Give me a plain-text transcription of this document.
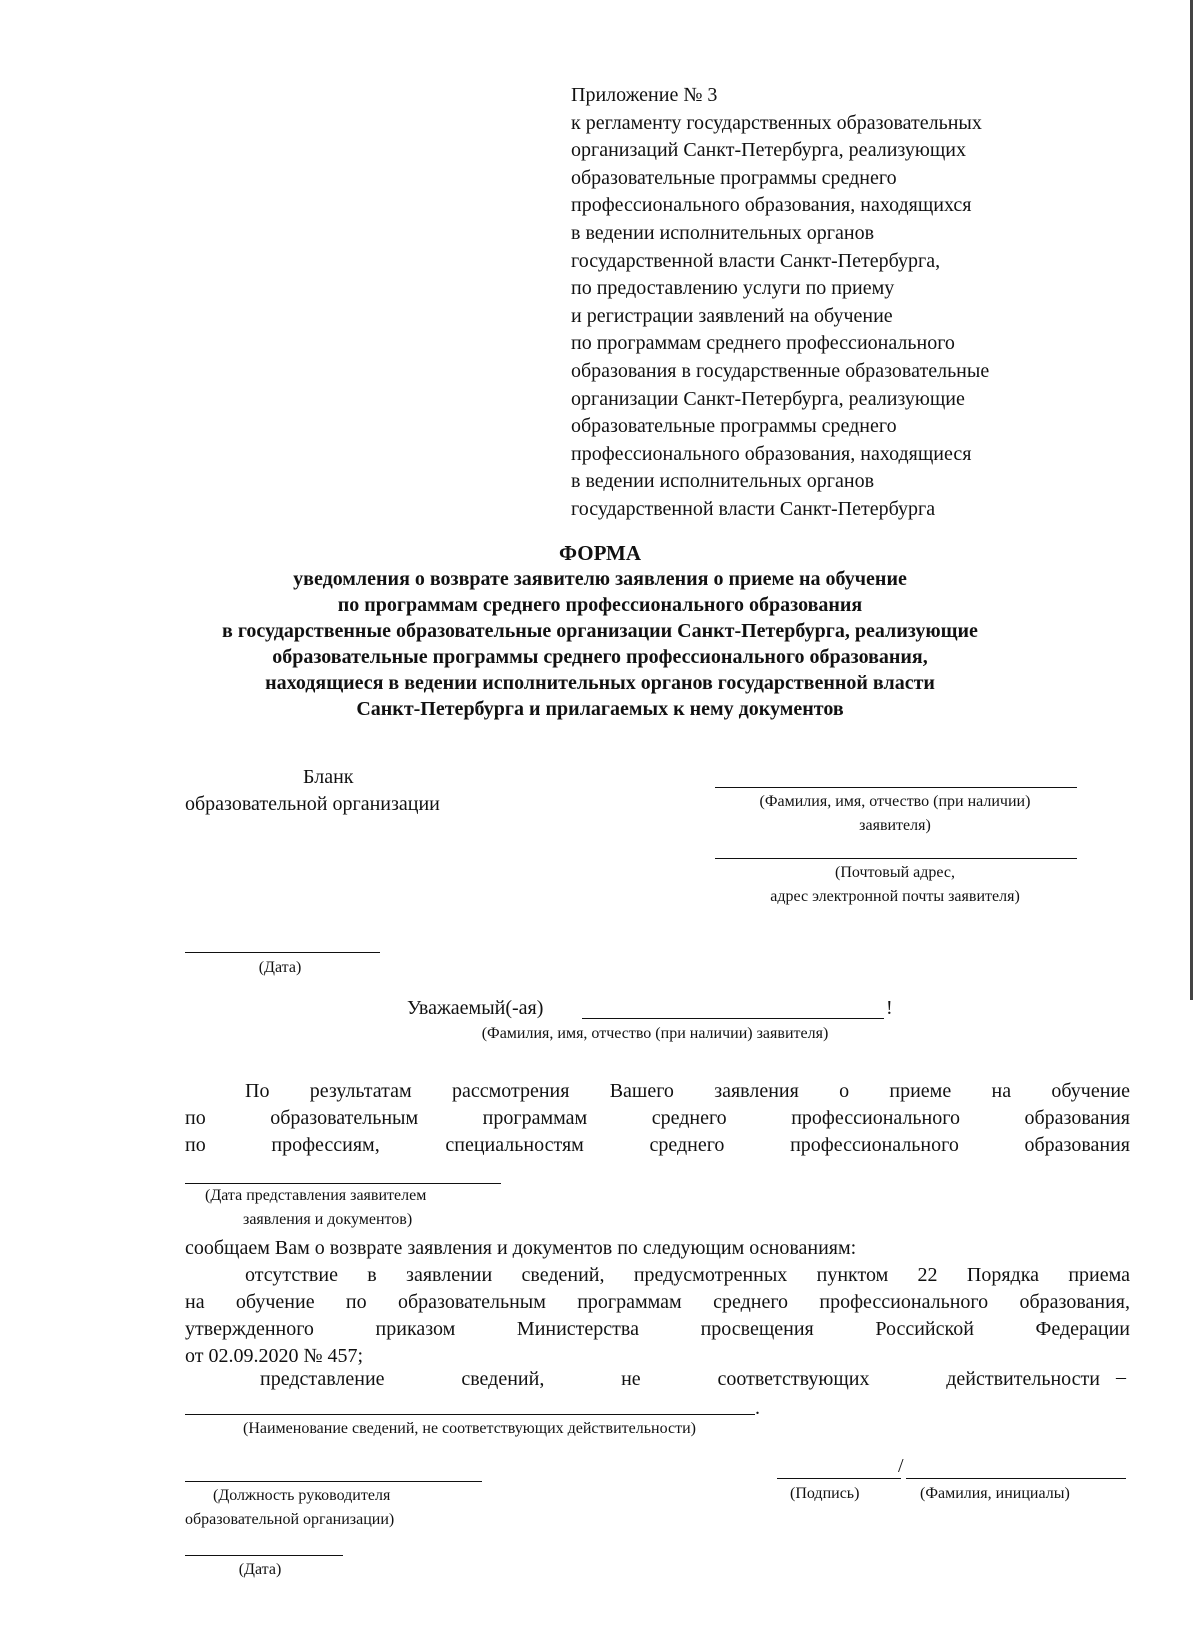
Приложение № 3
к регламенту государственных образовательных
организаций Санкт-Петербурга, реализующих
образовательные программы среднего
профессионального образования, находящихся
в ведении исполнительных органов
государственной власти Санкт-Петербурга,
по предоставлению услуги по приему
и регистрации заявлений на обучение
по программам среднего профессионального
образования в государственные образовательные
организации Санкт-Петербурга, реализующие
образовательные программы среднего
профессионального образования, находящиеся
в ведении исполнительных органов
государственной власти Санкт-Петербурга
ФОРМА
уведомления о возврате заявителю заявления о приеме на обучение
по программам среднего профессионального образования
в государственные образовательные организации Санкт-Петербурга, реализующие
образовательные программы среднего профессионального образования,
находящиеся в ведении исполнительных органов государственной власти
Санкт-Петербурга и прилагаемых к нему документов
Бланк
образовательной организации	(Фамилия, имя, отчество (при наличии)
заявителя)
(Почтовый адрес,
адрес электронной почты заявителя)
(Дата)
Уважаемый(-ая)	!
(Фамилия, имя, отчество (при наличии) заявителя)
По результатам рассмотрения Вашего заявления о приеме на обучение
по образовательным программам среднего профессионального образования
по профессиям, специальностям среднего профессионального образования
(Дата представления заявителем
заявления и документов)
сообщаем Вам о возврате заявления и документов по следующим основаниям:
отсутствие в заявлении сведений, предусмотренных пунктом 22 Порядка приема
на обучение по образовательным программам среднего профессионального образования,
утвержденного приказом Министерства просвещения Российской Федерации
от 02.09.2020 № 457;
представление сведений, не соответствующих действительности –
.
(Наименование сведений, не соответствующих действительности)
(Должность руководителя
образовательной организации)
/
(Подпись)	(Фамилия, инициалы)
(Дата)
